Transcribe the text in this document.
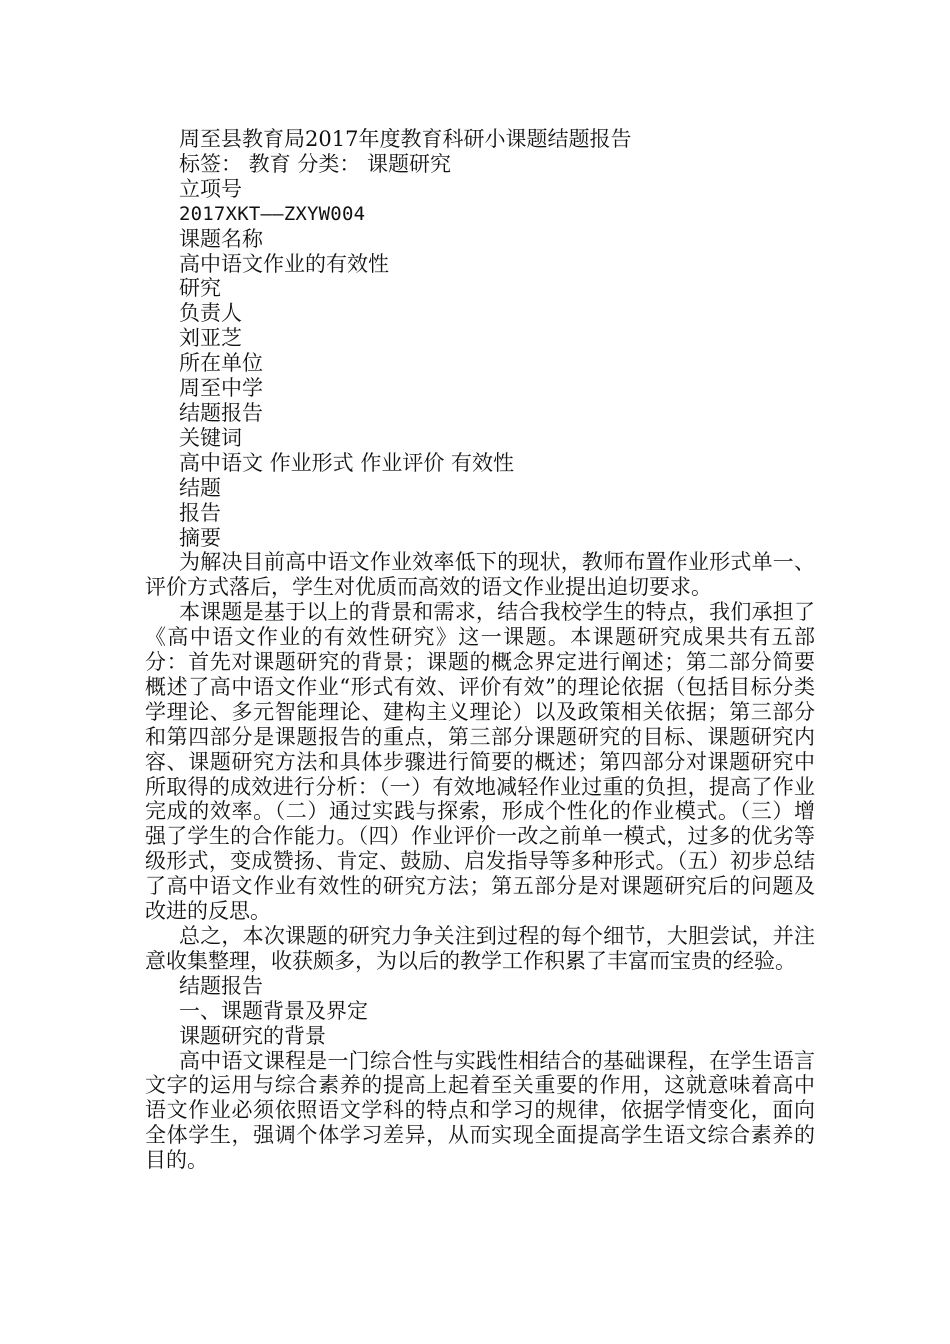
周至县教育局2017年度教育科研小课题结题报告

标签： 教育 分类： 课题研究

立项号

2017XKT——ZXYW004

课题名称

高中语文作业的有效性

研究

负责人

刘亚芝

所在单位

周至中学

结题报告

关键词

高中语文 作业形式 作业评价 有效性

结题

报告

摘要

为解决目前高中语文作业效率低下的现状，教师布置作业形式单一、评价方式落后，学生对优质而高效的语文作业提出迫切要求。

本课题是基于以上的背景和需求，结合我校学生的特点，我们承担了《高中语文作业的有效性研究》这一课题。本课题研究成果共有五部分：首先对课题研究的背景；课题的概念界定进行阐述；第二部分简要概述了高中语文作业“形式有效、评价有效”的理论依据（包括目标分类学理论、多元智能理论、建构主义理论）以及政策相关依据；第三部分和第四部分是课题报告的重点，第三部分课题研究的目标、课题研究内容、课题研究方法和具体步骤进行简要的概述；第四部分对课题研究中所取得的成效进行分析：（一）有效地减轻作业过重的负担，提高了作业完成的效率。（二）通过实践与探索，形成个性化的作业模式。（三）增强了学生的合作能力。（四）作业评价一改之前单一模式，过多的优劣等级形式，变成赞扬、肯定、鼓励、启发指导等多种形式。（五）初步总结了高中语文作业有效性的研究方法；第五部分是对课题研究后的问题及改进的反思。

总之，本次课题的研究力争关注到过程的每个细节，大胆尝试，并注意收集整理，收获颇多，为以后的教学工作积累了丰富而宝贵的经验。

结题报告

一、课题背景及界定

课题研究的背景

高中语文课程是一门综合性与实践性相结合的基础课程，在学生语言文字的运用与综合素养的提高上起着至关重要的作用，这就意味着高中语文作业必须依照语文学科的特点和学习的规律，依据学情变化，面向全体学生，强调个体学习差异，从而实现全面提高学生语文综合素养的目的。
